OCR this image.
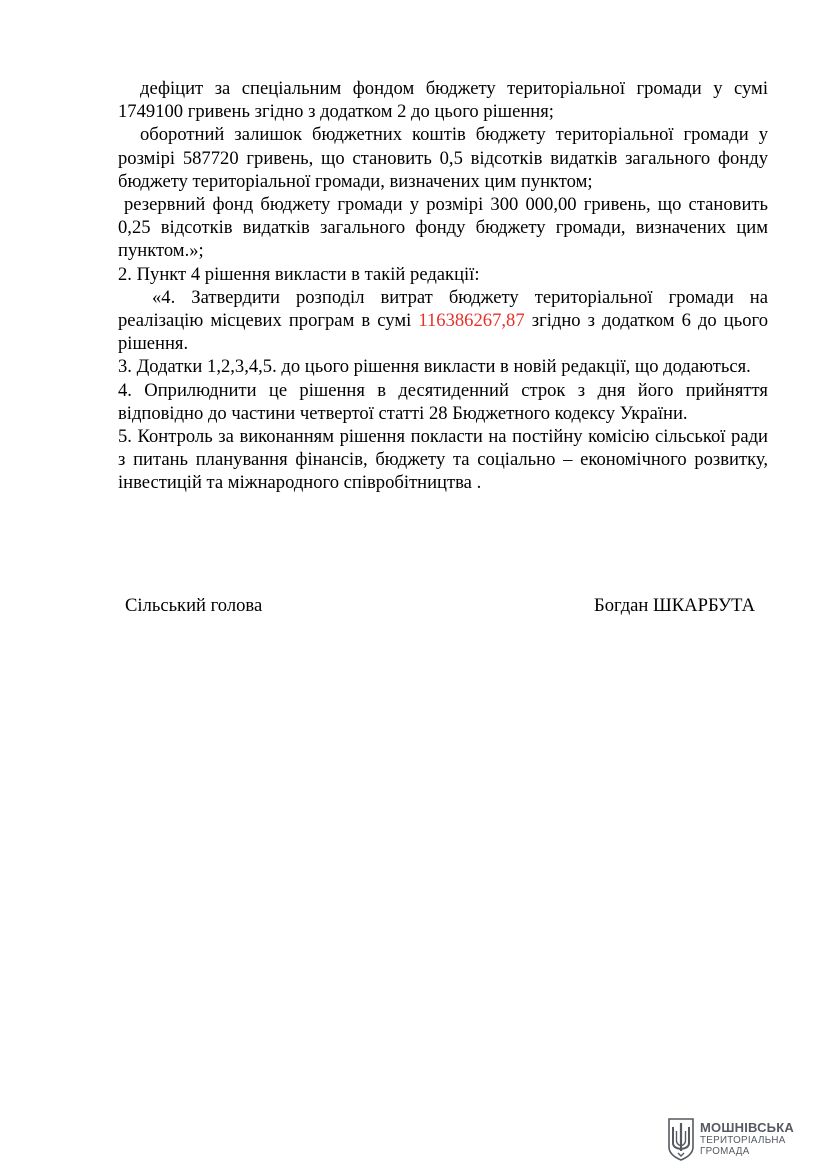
дефіцит за спеціальним фондом бюджету територіальної громади у сумі 1749100 гривень згідно з додатком 2 до цього рішення;

оборотний залишок бюджетних коштів бюджету територіальної громади у розмірі 587720 гривень, що становить 0,5 відсотків видатків загального фонду бюджету територіальної громади, визначених цим пунктом;

резервний фонд бюджету громади у розмірі 300 000,00 гривень, що становить 0,25 відсотків видатків загального фонду бюджету громади, визначених цим пунктом.»;

2. Пункт 4 рішення викласти в такій редакції:

«4. Затвердити розподіл витрат бюджету територіальної громади на реалізацію місцевих програм в сумі 116386267,87 згідно з додатком 6 до цього рішення.

3. Додатки 1,2,3,4,5. до цього рішення викласти в новій редакції, що додаються.

4. Оприлюднити це рішення в десятиденний строк з дня його прийняття відповідно до частини четвертої статті 28 Бюджетного кодексу України.

5. Контроль за виконанням рішення покласти на постійну комісію сільської ради з питань планування фінансів, бюджету та соціально – економічного розвитку, інвестицій та міжнародного співробітництва .

Сільський голова	Богдан ШКАРБУТА
МОШНІВСЬКА
ТЕРИТОРІАЛЬНА
ГРОМАДА
